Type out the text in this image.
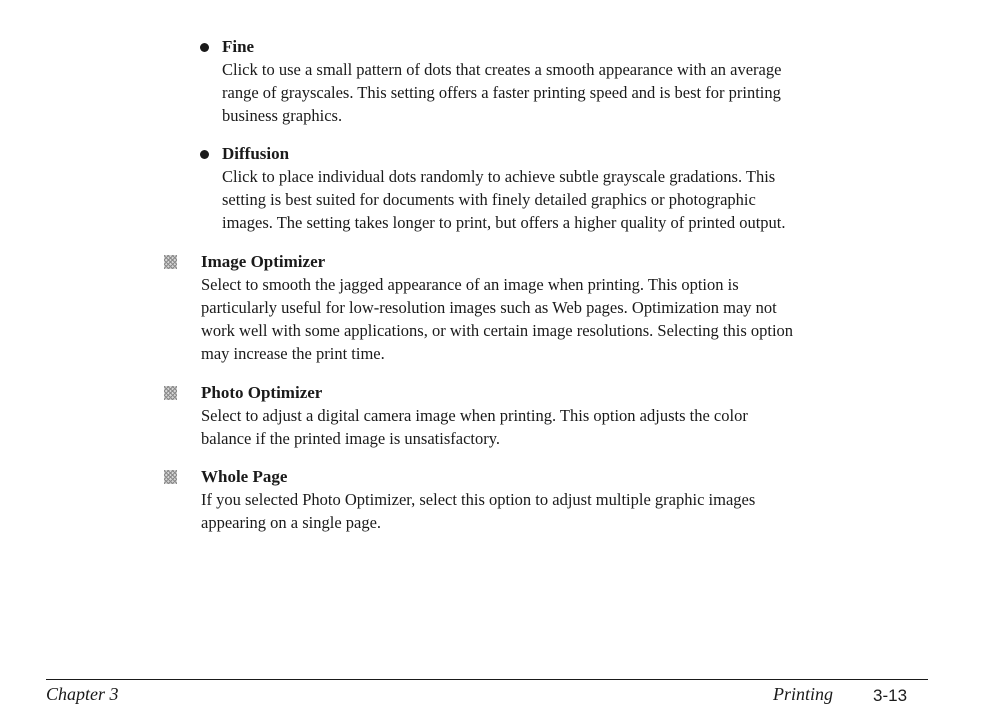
Fine
Click to use a small pattern of dots that creates a smooth appearance with an average
range of grayscales. This setting offers a faster printing speed and is best for printing
business graphics.
Diffusion
Click to place individual dots randomly to achieve subtle grayscale gradations. This
setting is best suited for documents with finely detailed graphics or photographic
images. The setting takes longer to print, but offers a higher quality of printed output.
Image Optimizer
Select to smooth the jagged appearance of an image when printing. This option is
particularly useful for low-resolution images such as Web pages. Optimization may not
work well with some applications, or with certain image resolutions. Selecting this option
may increase the print time.
Photo Optimizer
Select to adjust a digital camera image when printing. This option adjusts the color
balance if the printed image is unsatisfactory.
Whole Page
If you selected Photo Optimizer, select this option to adjust multiple graphic images
appearing on a single page.
Chapter 3	Printing 3-13
